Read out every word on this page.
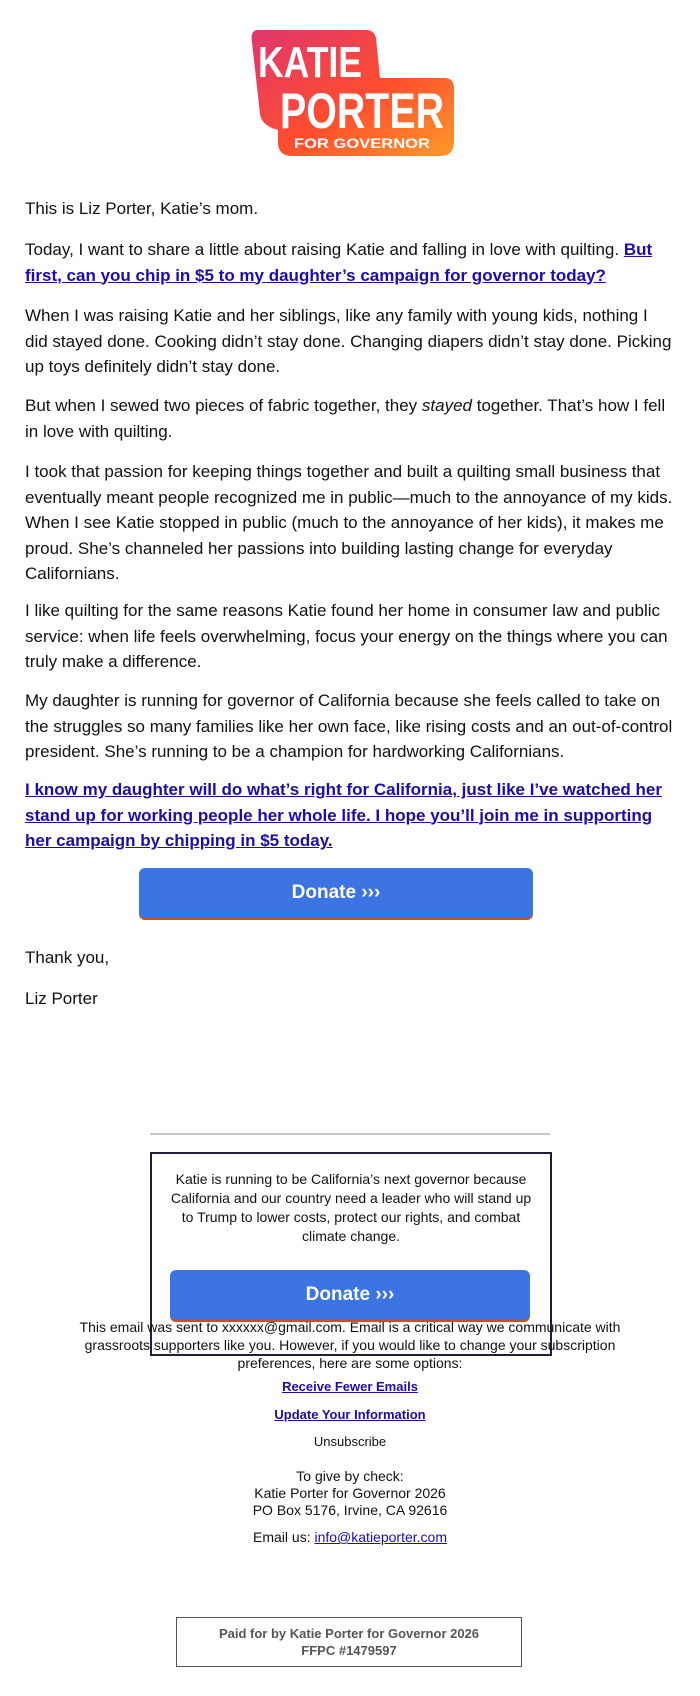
KATIE
PORTER
FOR GOVERNOR

This is Liz Porter, Katie’s mom.

Today, I want to share a little about raising Katie and falling in love with quilting. But first, can you chip in $5 to my daughter’s campaign for governor today?

When I was raising Katie and her siblings, like any family with young kids, nothing I did stayed done. Cooking didn’t stay done. Changing diapers didn’t stay done. Picking up toys definitely didn’t stay done.

But when I sewed two pieces of fabric together, they stayed together. That’s how I fell in love with quilting.

I took that passion for keeping things together and built a quilting small business that eventually meant people recognized me in public—much to the annoyance of my kids. When I see Katie stopped in public (much to the annoyance of her kids), it makes me proud. She’s channeled her passions into building lasting change for everyday Californians.

I like quilting for the same reasons Katie found her home in consumer law and public service: when life feels overwhelming, focus your energy on the things where you can truly make a difference.

My daughter is running for governor of California because she feels called to take on the struggles so many families like her own face, like rising costs and an out-of-control president. She’s running to be a champion for hardworking Californians.

I know my daughter will do what’s right for California, just like I’ve watched her stand up for working people her whole life. I hope you’ll join me in supporting her campaign by chipping in $5 today.

Donate ›››

Thank you,

Liz Porter

Katie is running to be California’s next governor because California and our country need a leader who will stand up to Trump to lower costs, protect our rights, and combat climate change.

Donate ›››

This email was sent to xxxxxx@gmail.com. Email is a critical way we communicate with grassroots supporters like you. However, if you would like to change your subscription preferences, here are some options:

Receive Fewer Emails

Update Your Information

Unsubscribe

To give by check:

Katie Porter for Governor 2026

PO Box 5176, Irvine, CA 92616

Email us: info@katieporter.com

Paid for by Katie Porter for Governor 2026
FFPC #1479597
